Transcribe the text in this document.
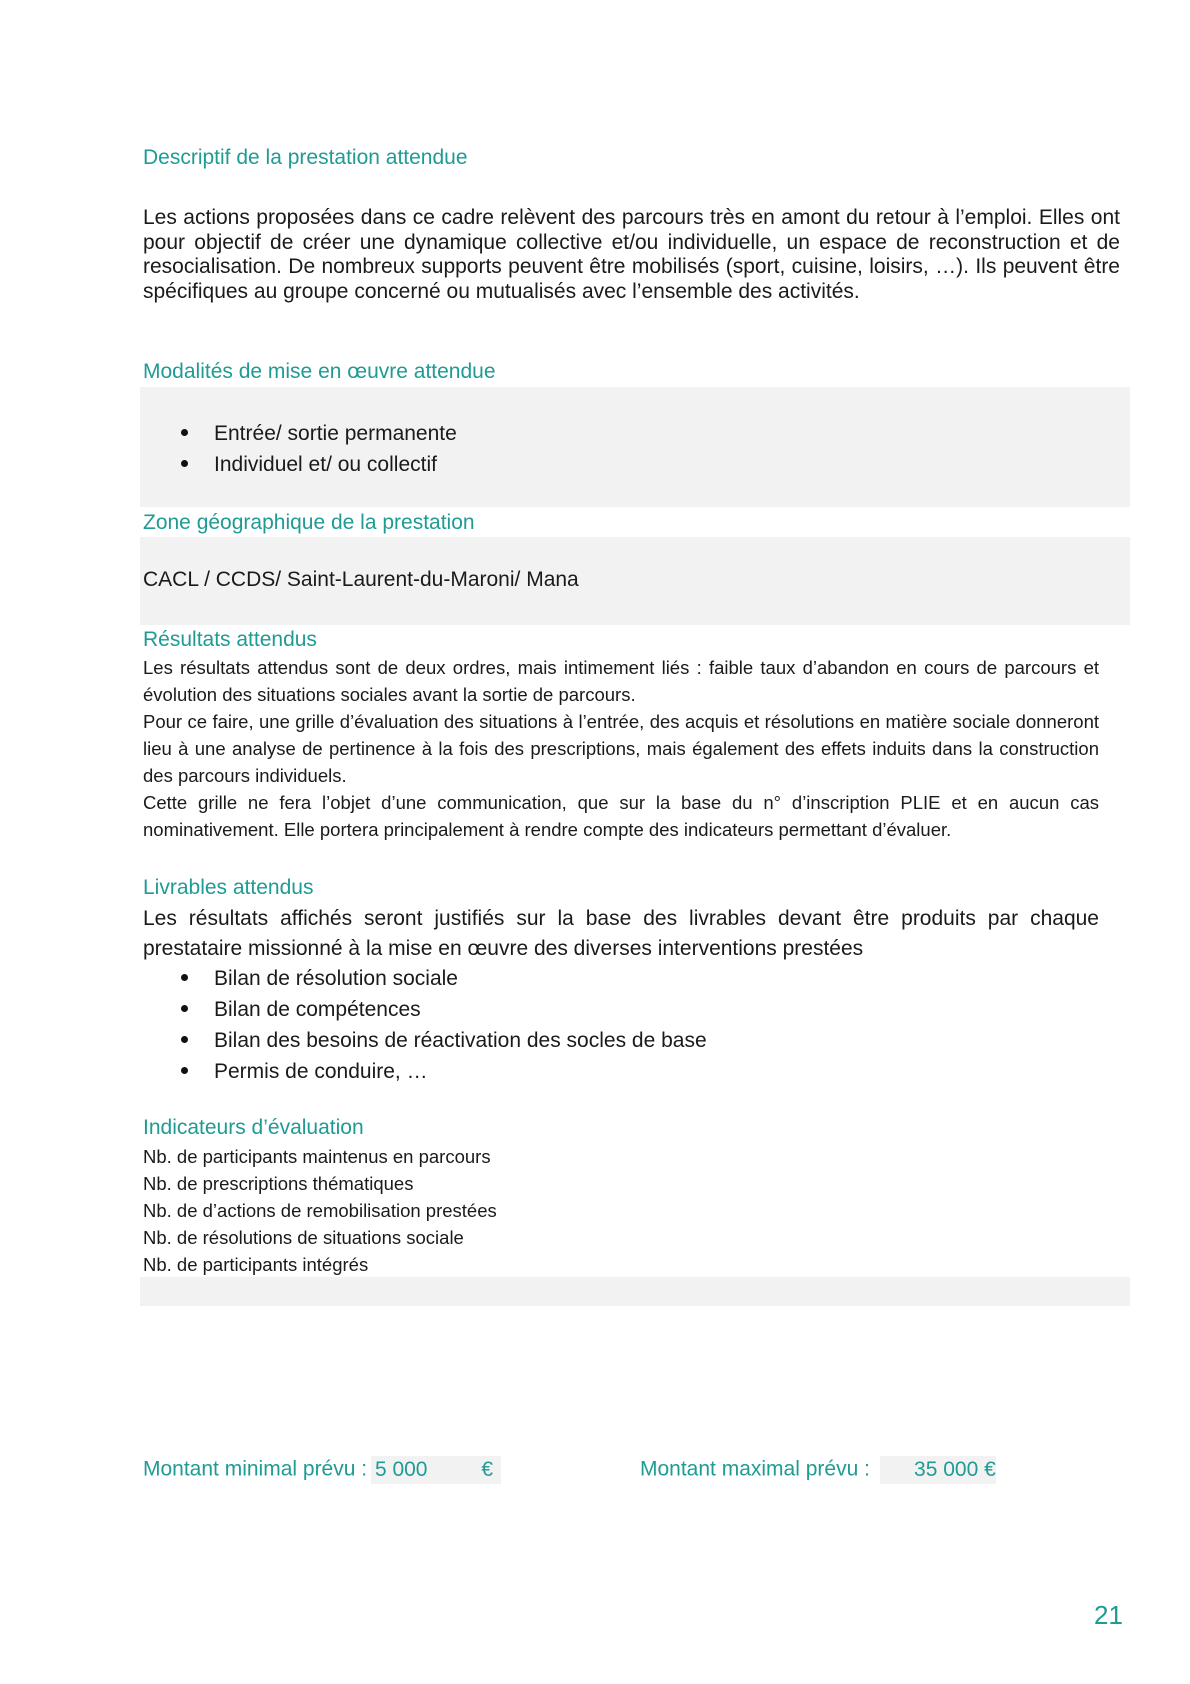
Descriptif de la prestation attendue

Les actions proposées dans ce cadre relèvent des parcours très en amont du retour à l’emploi. Elles ont pour objectif de créer une dynamique collective et/ou individuelle, un espace de reconstruction et de resocialisation. De nombreux supports peuvent être mobilisés (sport, cuisine, loisirs, …). Ils peuvent être spécifiques au groupe concerné ou mutualisés avec l’ensemble des activités.

Modalités de mise en œuvre attendue
Entrée/ sortie permanente
Individuel et/ ou collectif
Zone géographique de la prestation

CACL / CCDS/ Saint-Laurent-du-Maroni/ Mana

Résultats attendus

Les résultats attendus sont de deux ordres, mais intimement liés : faible taux d’abandon en cours de parcours et évolution des situations sociales avant la sortie de parcours.

Pour ce faire, une grille d’évaluation des situations à l’entrée, des acquis et résolutions en matière sociale donneront lieu à une analyse de pertinence à la fois des prescriptions, mais également des effets induits dans la construction des parcours individuels.

Cette grille ne fera l’objet d’une communication, que sur la base du n° d’inscription PLIE et en aucun cas nominativement. Elle portera principalement à rendre compte des indicateurs permettant d’évaluer.

Livrables attendus

Les résultats affichés seront justifiés sur la base des livrables devant être produits par chaque prestataire missionné à la mise en œuvre des diverses interventions prestées

Bilan de résolution sociale
Bilan de compétences
Bilan des besoins de réactivation des socles de base
Permis de conduire, …
Indicateurs d’évaluation
Nb. de participants maintenus en parcours
Nb. de prescriptions thématiques
Nb. de d’actions de remobilisation prestées
Nb. de résolutions de situations sociale
Nb. de participants intégrés
Montant minimal prévu : 5 000	€	Montant maximal prévu : 35 000 €
21
